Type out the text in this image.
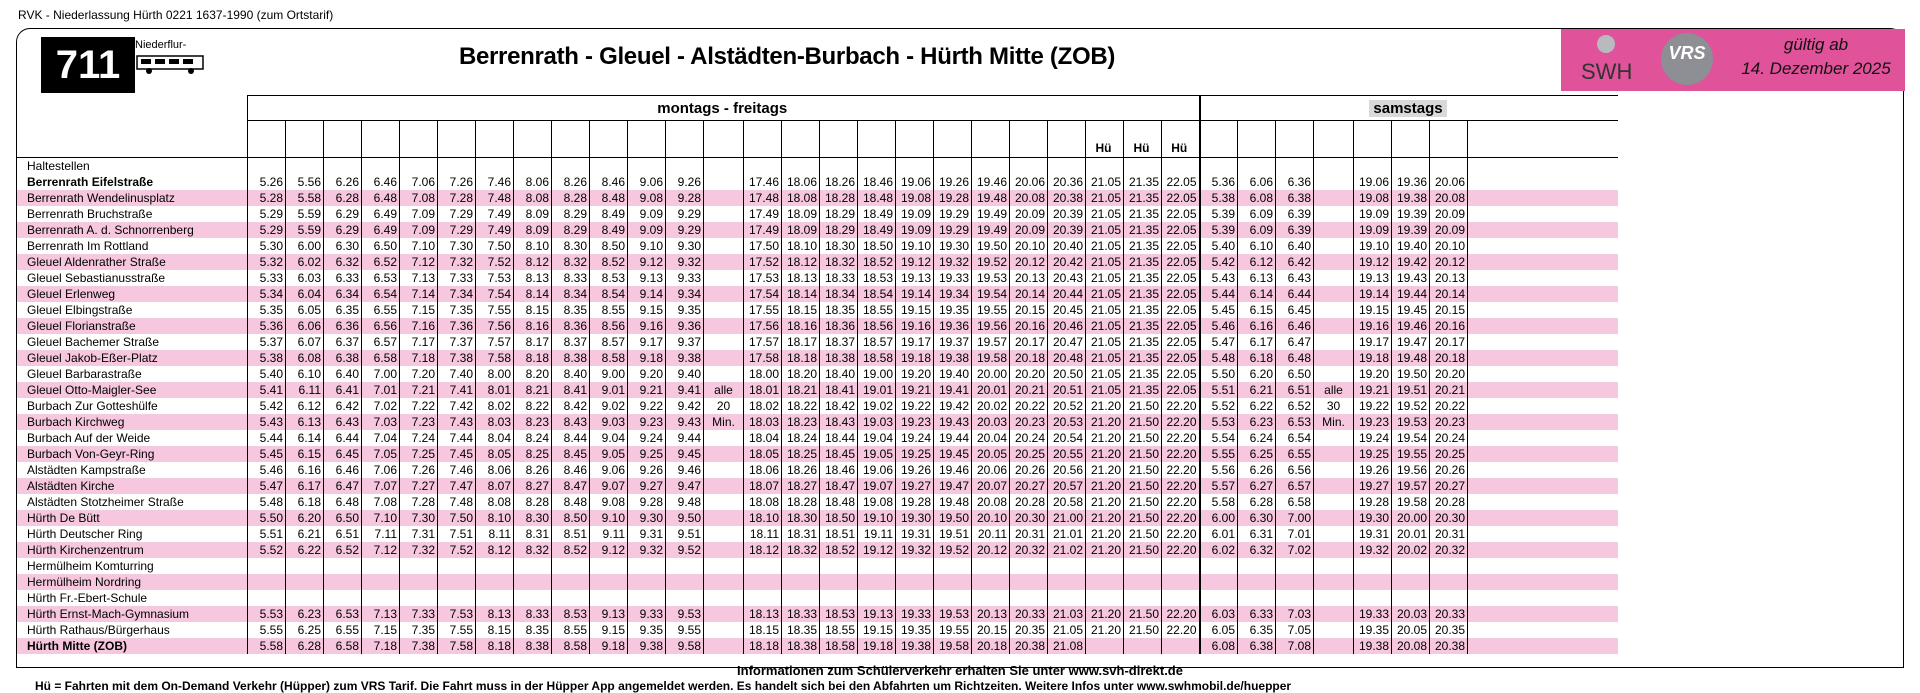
RVK - Niederlassung Hürth 0221 1637-1990 (zum Ortstarif)
711	Niederflur-	Berrenrath - Gleuel - Alstädten-Burbach - Hürth Mitte (ZOB)
SWH
VRS	gültig ab
14. Dezember 2025
	montags - freitags																									samstags							

																							Hü	Hü	Hü								
Haltestellen																																	
Berrenrath Eifelstraße	5.26	5.56	6.26	6.46	7.06	7.26	7.46	8.06	8.26	8.46	9.06	9.26		17.46	18.06	18.26	18.46	19.06	19.26	19.46	20.06	20.36	21.05	21.35	22.05	5.36	6.06	6.36		19.06	19.36	20.06	
Berrenrath Wendelinusplatz	5.28	5.58	6.28	6.48	7.08	7.28	7.48	8.08	8.28	8.48	9.08	9.28		17.48	18.08	18.28	18.48	19.08	19.28	19.48	20.08	20.38	21.05	21.35	22.05	5.38	6.08	6.38		19.08	19.38	20.08	
Berrenrath Bruchstraße	5.29	5.59	6.29	6.49	7.09	7.29	7.49	8.09	8.29	8.49	9.09	9.29		17.49	18.09	18.29	18.49	19.09	19.29	19.49	20.09	20.39	21.05	21.35	22.05	5.39	6.09	6.39		19.09	19.39	20.09	
Berrenrath A. d. Schnorrenberg	5.29	5.59	6.29	6.49	7.09	7.29	7.49	8.09	8.29	8.49	9.09	9.29		17.49	18.09	18.29	18.49	19.09	19.29	19.49	20.09	20.39	21.05	21.35	22.05	5.39	6.09	6.39		19.09	19.39	20.09	
Berrenrath Im Rottland	5.30	6.00	6.30	6.50	7.10	7.30	7.50	8.10	8.30	8.50	9.10	9.30		17.50	18.10	18.30	18.50	19.10	19.30	19.50	20.10	20.40	21.05	21.35	22.05	5.40	6.10	6.40		19.10	19.40	20.10	
Gleuel Aldenrather Straße	5.32	6.02	6.32	6.52	7.12	7.32	7.52	8.12	8.32	8.52	9.12	9.32		17.52	18.12	18.32	18.52	19.12	19.32	19.52	20.12	20.42	21.05	21.35	22.05	5.42	6.12	6.42		19.12	19.42	20.12	
Gleuel Sebastianusstraße	5.33	6.03	6.33	6.53	7.13	7.33	7.53	8.13	8.33	8.53	9.13	9.33		17.53	18.13	18.33	18.53	19.13	19.33	19.53	20.13	20.43	21.05	21.35	22.05	5.43	6.13	6.43		19.13	19.43	20.13	
Gleuel Erlenweg	5.34	6.04	6.34	6.54	7.14	7.34	7.54	8.14	8.34	8.54	9.14	9.34		17.54	18.14	18.34	18.54	19.14	19.34	19.54	20.14	20.44	21.05	21.35	22.05	5.44	6.14	6.44		19.14	19.44	20.14	
Gleuel Elbingstraße	5.35	6.05	6.35	6.55	7.15	7.35	7.55	8.15	8.35	8.55	9.15	9.35		17.55	18.15	18.35	18.55	19.15	19.35	19.55	20.15	20.45	21.05	21.35	22.05	5.45	6.15	6.45		19.15	19.45	20.15	
Gleuel Florianstraße	5.36	6.06	6.36	6.56	7.16	7.36	7.56	8.16	8.36	8.56	9.16	9.36		17.56	18.16	18.36	18.56	19.16	19.36	19.56	20.16	20.46	21.05	21.35	22.05	5.46	6.16	6.46		19.16	19.46	20.16	
Gleuel Bachemer Straße	5.37	6.07	6.37	6.57	7.17	7.37	7.57	8.17	8.37	8.57	9.17	9.37		17.57	18.17	18.37	18.57	19.17	19.37	19.57	20.17	20.47	21.05	21.35	22.05	5.47	6.17	6.47		19.17	19.47	20.17	
Gleuel Jakob-Eßer-Platz	5.38	6.08	6.38	6.58	7.18	7.38	7.58	8.18	8.38	8.58	9.18	9.38		17.58	18.18	18.38	18.58	19.18	19.38	19.58	20.18	20.48	21.05	21.35	22.05	5.48	6.18	6.48		19.18	19.48	20.18	
Gleuel Barbarastraße	5.40	6.10	6.40	7.00	7.20	7.40	8.00	8.20	8.40	9.00	9.20	9.40		18.00	18.20	18.40	19.00	19.20	19.40	20.00	20.20	20.50	21.05	21.35	22.05	5.50	6.20	6.50		19.20	19.50	20.20	
Gleuel Otto-Maigler-See	5.41	6.11	6.41	7.01	7.21	7.41	8.01	8.21	8.41	9.01	9.21	9.41	alle	18.01	18.21	18.41	19.01	19.21	19.41	20.01	20.21	20.51	21.05	21.35	22.05	5.51	6.21	6.51	alle	19.21	19.51	20.21	
Burbach Zur Gotteshülfe	5.42	6.12	6.42	7.02	7.22	7.42	8.02	8.22	8.42	9.02	9.22	9.42	20	18.02	18.22	18.42	19.02	19.22	19.42	20.02	20.22	20.52	21.20	21.50	22.20	5.52	6.22	6.52	30	19.22	19.52	20.22	
Burbach Kirchweg	5.43	6.13	6.43	7.03	7.23	7.43	8.03	8.23	8.43	9.03	9.23	9.43	Min.	18.03	18.23	18.43	19.03	19.23	19.43	20.03	20.23	20.53	21.20	21.50	22.20	5.53	6.23	6.53	Min.	19.23	19.53	20.23	
Burbach Auf der Weide	5.44	6.14	6.44	7.04	7.24	7.44	8.04	8.24	8.44	9.04	9.24	9.44		18.04	18.24	18.44	19.04	19.24	19.44	20.04	20.24	20.54	21.20	21.50	22.20	5.54	6.24	6.54		19.24	19.54	20.24	
Burbach Von-Geyr-Ring	5.45	6.15	6.45	7.05	7.25	7.45	8.05	8.25	8.45	9.05	9.25	9.45		18.05	18.25	18.45	19.05	19.25	19.45	20.05	20.25	20.55	21.20	21.50	22.20	5.55	6.25	6.55		19.25	19.55	20.25	
Alstädten Kampstraße	5.46	6.16	6.46	7.06	7.26	7.46	8.06	8.26	8.46	9.06	9.26	9.46		18.06	18.26	18.46	19.06	19.26	19.46	20.06	20.26	20.56	21.20	21.50	22.20	5.56	6.26	6.56		19.26	19.56	20.26	
Alstädten Kirche	5.47	6.17	6.47	7.07	7.27	7.47	8.07	8.27	8.47	9.07	9.27	9.47		18.07	18.27	18.47	19.07	19.27	19.47	20.07	20.27	20.57	21.20	21.50	22.20	5.57	6.27	6.57		19.27	19.57	20.27	
Alstädten Stotzheimer Straße	5.48	6.18	6.48	7.08	7.28	7.48	8.08	8.28	8.48	9.08	9.28	9.48		18.08	18.28	18.48	19.08	19.28	19.48	20.08	20.28	20.58	21.20	21.50	22.20	5.58	6.28	6.58		19.28	19.58	20.28	
Hürth De Bütt	5.50	6.20	6.50	7.10	7.30	7.50	8.10	8.30	8.50	9.10	9.30	9.50		18.10	18.30	18.50	19.10	19.30	19.50	20.10	20.30	21.00	21.20	21.50	22.20	6.00	6.30	7.00		19.30	20.00	20.30	
Hürth Deutscher Ring	5.51	6.21	6.51	7.11	7.31	7.51	8.11	8.31	8.51	9.11	9.31	9.51		18.11	18.31	18.51	19.11	19.31	19.51	20.11	20.31	21.01	21.20	21.50	22.20	6.01	6.31	7.01		19.31	20.01	20.31	
Hürth Kirchenzentrum	5.52	6.22	6.52	7.12	7.32	7.52	8.12	8.32	8.52	9.12	9.32	9.52		18.12	18.32	18.52	19.12	19.32	19.52	20.12	20.32	21.02	21.20	21.50	22.20	6.02	6.32	7.02		19.32	20.02	20.32	
Hermülheim Komturring																																	
Hermülheim Nordring																																	
Hürth Fr.-Ebert-Schule																																	
Hürth Ernst-Mach-Gymnasium	5.53	6.23	6.53	7.13	7.33	7.53	8.13	8.33	8.53	9.13	9.33	9.53		18.13	18.33	18.53	19.13	19.33	19.53	20.13	20.33	21.03	21.20	21.50	22.20	6.03	6.33	7.03		19.33	20.03	20.33	
Hürth Rathaus/Bürgerhaus	5.55	6.25	6.55	7.15	7.35	7.55	8.15	8.35	8.55	9.15	9.35	9.55		18.15	18.35	18.55	19.15	19.35	19.55	20.15	20.35	21.05	21.20	21.50	22.20	6.05	6.35	7.05		19.35	20.05	20.35	
Hürth Mitte (ZOB)	5.58	6.28	6.58	7.18	7.38	7.58	8.18	8.38	8.58	9.18	9.38	9.58		18.18	18.38	18.58	19.18	19.38	19.58	20.18	20.38	21.08				6.08	6.38	7.08		19.38	20.08	20.38	
Informationen zum Schülerverkehr erhalten Sie unter www.svh-direkt.de
Hü = Fahrten mit dem On-Demand Verkehr (Hüpper) zum VRS Tarif. Die Fahrt muss in der Hüpper App angemeldet werden. Es handelt sich bei den Abfahrten um Richtzeiten. Weitere Infos unter www.swhmobil.de/huepper
